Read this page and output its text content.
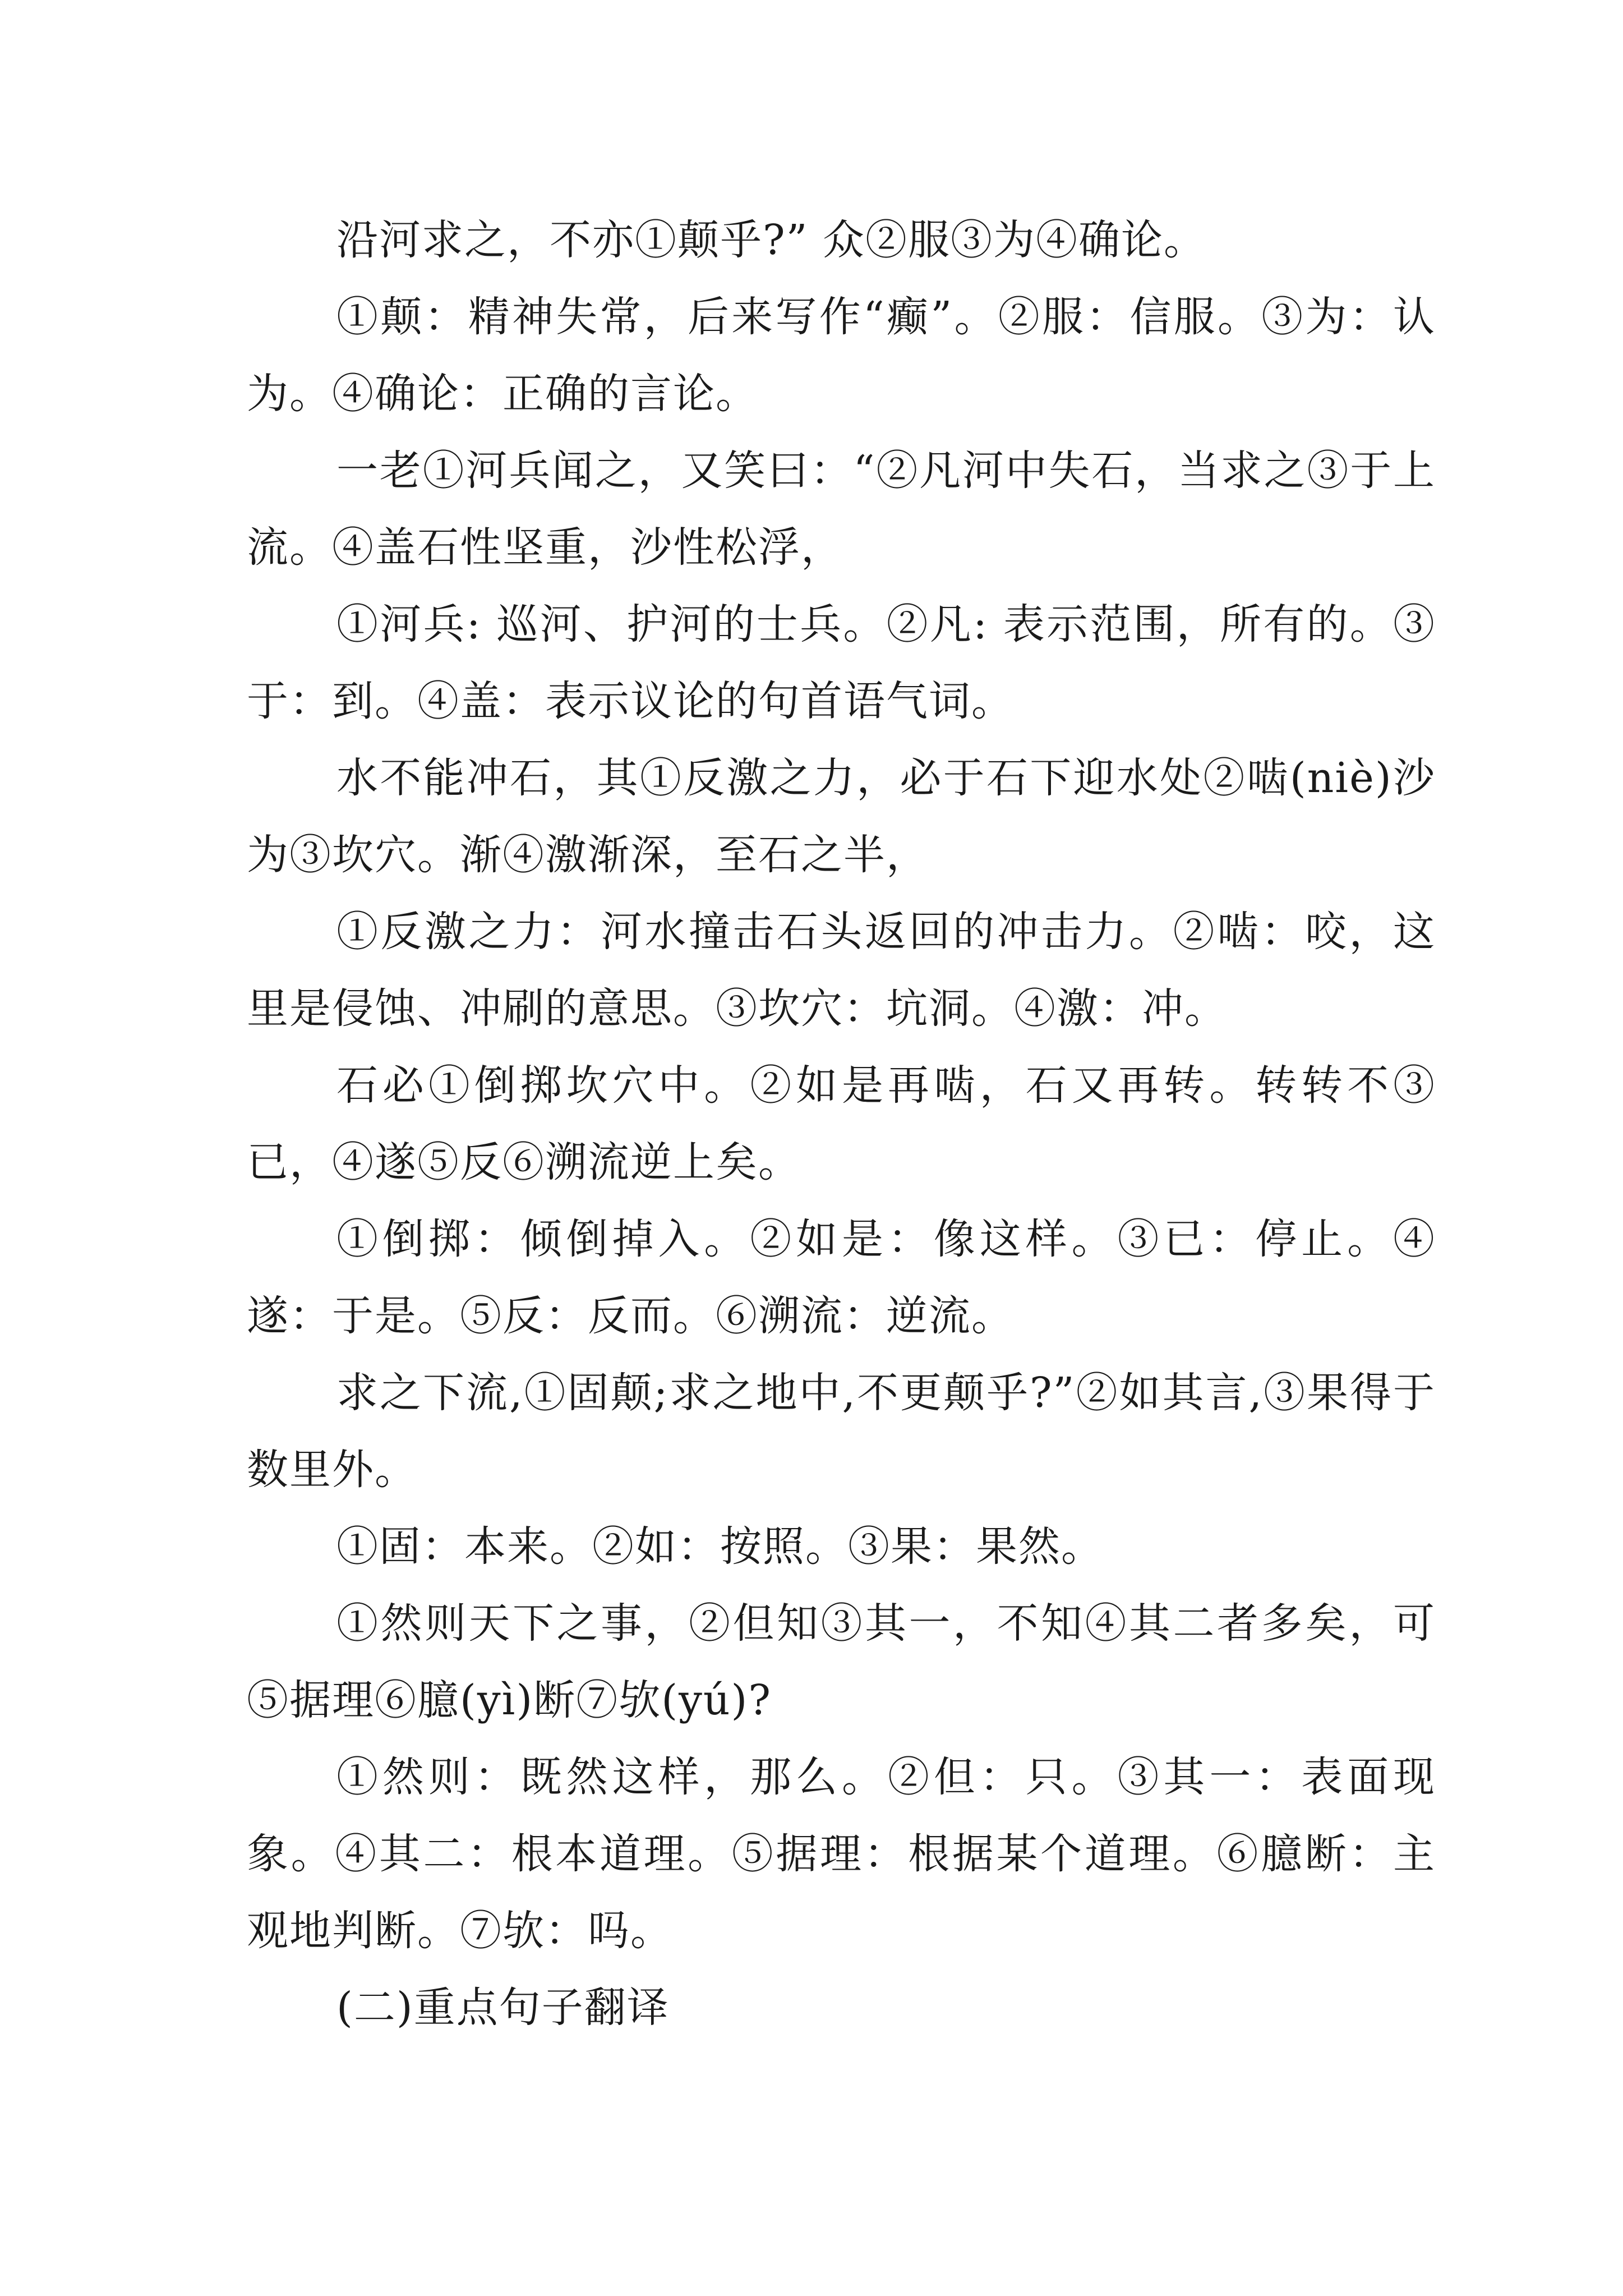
沿河求之，不亦①颠乎?” 众②服③为④确论。

①颠：精神失常，后来写作“癫”。②服：信服。③为：认为。④确论：正确的言论。

一老①河兵闻之，又笑曰：“②凡河中失石，当求之③于上流。④盖石性坚重，沙性松浮，

①河兵: 巡河、护河的士兵。②凡: 表示范围，所有的。③于：到。④盖：表示议论的句首语气词。

水不能冲石，其①反激之力，必于石下迎水处②啮(niè)沙为③坎穴。渐④激渐深，至石之半，

①反激之力：河水撞击石头返回的冲击力。②啮：咬，这里是侵蚀、冲刷的意思。③坎穴：坑洞。④激：冲。

石必①倒掷坎穴中。②如是再啮，石又再转。转转不③已，④遂⑤反⑥溯流逆上矣。

①倒掷：倾倒掉入。②如是：像这样。③已：停止。④遂：于是。⑤反：反而。⑥溯流：逆流。

求之下流,①固颠;求之地中,不更颠乎?”②如其言,③果得于数里外。

①固：本来。②如：按照。③果：果然。

①然则天下之事，②但知③其一，不知④其二者多矣，可⑤据理⑥臆(yì)断⑦欤(yú)?

①然则：既然这样，那么。②但：只。③其一：表面现象。④其二：根本道理。⑤据理：根据某个道理。⑥臆断：主观地判断。⑦欤：吗。

(二)重点句子翻译
